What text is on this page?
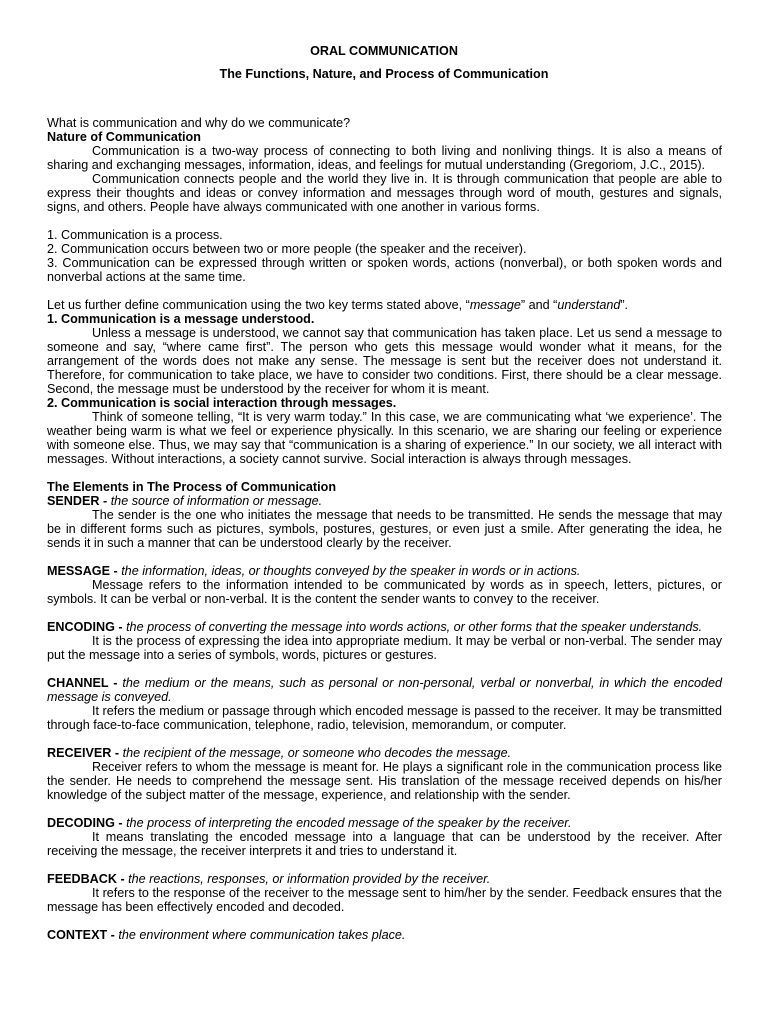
ORAL COMMUNICATION
The Functions, Nature, and Process of Communication

What is communication and why do we communicate?

Nature of Communication

Communication is a two-way process of connecting to both living and nonliving things. It is also a means of sharing and exchanging messages, information, ideas, and feelings for mutual understanding (Gregoriom, J.C., 2015).

Communication connects people and the world they live in. It is through communication that people are able to express their thoughts and ideas or convey information and messages through word of mouth, gestures and signals, signs, and others. People have always communicated with one another in various forms.

1. Communication is a process.

2. Communication occurs between two or more people (the speaker and the receiver).

3. Communication can be expressed through written or spoken words, actions (nonverbal), or both spoken words and nonverbal actions at the same time.

Let us further define communication using the two key terms stated above, “message” and “understand”.

1. Communication is a message understood.

Unless a message is understood, we cannot say that communication has taken place. Let us send a message to someone and say, “where came first”. The person who gets this message would wonder what it means, for the arrangement of the words does not make any sense. The message is sent but the receiver does not understand it. Therefore, for communication to take place, we have to consider two conditions. First, there should be a clear message. Second, the message must be understood by the receiver for whom it is meant.

2. Communication is social interaction through messages.

Think of someone telling, “It is very warm today.” In this case, we are communicating what ‘we experience’. The weather being warm is what we feel or experience physically. In this scenario, we are sharing our feeling or experience with someone else. Thus, we may say that “communication is a sharing of experience.” In our society, we all interact with messages. Without interactions, a society cannot survive. Social interaction is always through messages.

The Elements in The Process of Communication

SENDER - the source of information or message.

The sender is the one who initiates the message that needs to be transmitted. He sends the message that may be in different forms such as pictures, symbols, postures, gestures, or even just a smile. After generating the idea, he sends it in such a manner that can be understood clearly by the receiver.

MESSAGE - the information, ideas, or thoughts conveyed by the speaker in words or in actions.

Message refers to the information intended to be communicated by words as in speech, letters, pictures, or symbols. It can be verbal or non-verbal. It is the content the sender wants to convey to the receiver.

ENCODING - the process of converting the message into words actions, or other forms that the speaker understands.

It is the process of expressing the idea into appropriate medium. It may be verbal or non-verbal. The sender may put the message into a series of symbols, words, pictures or gestures.

CHANNEL - the medium or the means, such as personal or non-personal, verbal or nonverbal, in which the encoded message is conveyed.

It refers the medium or passage through which encoded message is passed to the receiver. It may be transmitted through face-to-face communication, telephone, radio, television, memorandum, or computer.

RECEIVER - the recipient of the message, or someone who decodes the message.

Receiver refers to whom the message is meant for. He plays a significant role in the communication process like the sender. He needs to comprehend the message sent. His translation of the message received depends on his/her knowledge of the subject matter of the message, experience, and relationship with the sender.

DECODING - the process of interpreting the encoded message of the speaker by the receiver.

It means translating the encoded message into a language that can be understood by the receiver. After receiving the message, the receiver interprets it and tries to understand it.

FEEDBACK - the reactions, responses, or information provided by the receiver.

It refers to the response of the receiver to the message sent to him/her by the sender. Feedback ensures that the message has been effectively encoded and decoded.

CONTEXT - the environment where communication takes place.
